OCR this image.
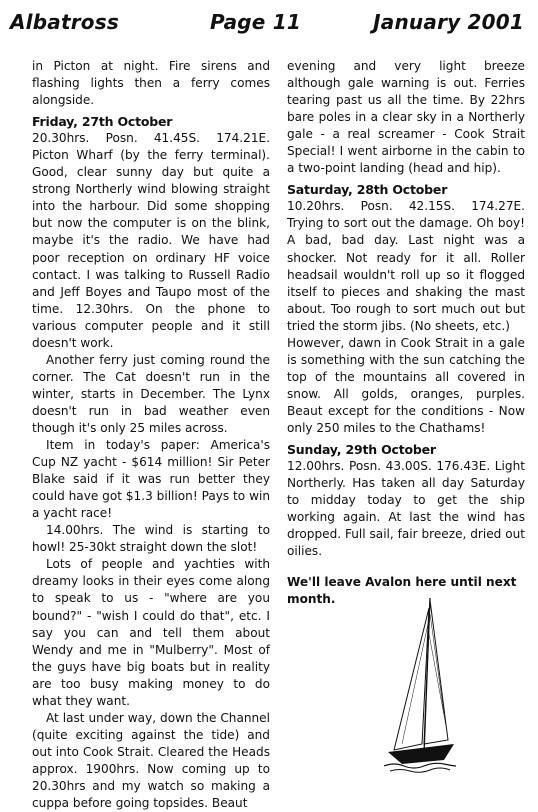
Albatross	Page 11	January 2001

in Picton at night. Fire sirens and flashing lights then a ferry comes alongside.

Friday, 27th October

20.30hrs. Posn. 41.45S. 174.21E. Picton Wharf (by the ferry terminal). Good, clear sunny day but quite a strong Northerly wind blowing straight into the harbour. Did some shopping but now the computer is on the blink, maybe it's the radio. We have had poor reception on ordinary HF voice contact. I was talking to Russell Radio and Jeff Boyes and Taupo most of the time. 12.30hrs. On the phone to various computer people and it still doesn't work.

Another ferry just coming round the corner. The Cat doesn't run in the winter, starts in December. The Lynx doesn't run in bad weather even though it's only 25 miles across.

Item in today's paper: America's Cup NZ yacht - $614 million! Sir Peter Blake said if it was run better they could have got $1.3 billion! Pays to win a yacht race!

14.00hrs. The wind is starting to howl! 25-30kt straight down the slot!

Lots of people and yachties with dreamy looks in their eyes come along to speak to us - "where are you bound?" - "wish I could do that", etc. I say you can and tell them about Wendy and me in "Mulberry". Most of the guys have big boats but in reality are too busy making money to do what they want.

At last under way, down the Channel (quite exciting against the tide) and out into Cook Strait. Cleared the Heads approx. 1900hrs. Now coming up to 20.30hrs and my watch so making a cuppa before going topsides. Beaut

evening and very light breeze although gale warning is out. Ferries tearing past us all the time. By 22hrs bare poles in a clear sky in a Northerly gale - a real screamer - Cook Strait Special! I went airborne in the cabin to a two-point landing (head and hip).

Saturday, 28th October

10.20hrs. Posn. 42.15S. 174.27E. Trying to sort out the damage. Oh boy! A bad, bad day. Last night was a shocker. Not ready for it all. Roller headsail wouldn't roll up so it flogged itself to pieces and shaking the mast about. Too rough to sort much out but tried the storm jibs. (No sheets, etc.)

However, dawn in Cook Strait in a gale is something with the sun catching the top of the mountains all covered in snow. All golds, oranges, purples. Beaut except for the conditions - Now only 250 miles to the Chathams!

Sunday, 29th October

12.00hrs. Posn. 43.00S. 176.43E. Light Northerly. Has taken all day Saturday to midday today to get the ship working again. At last the wind has dropped. Full sail, fair breeze, dried out oilies.

We'll leave Avalon here until next month.
